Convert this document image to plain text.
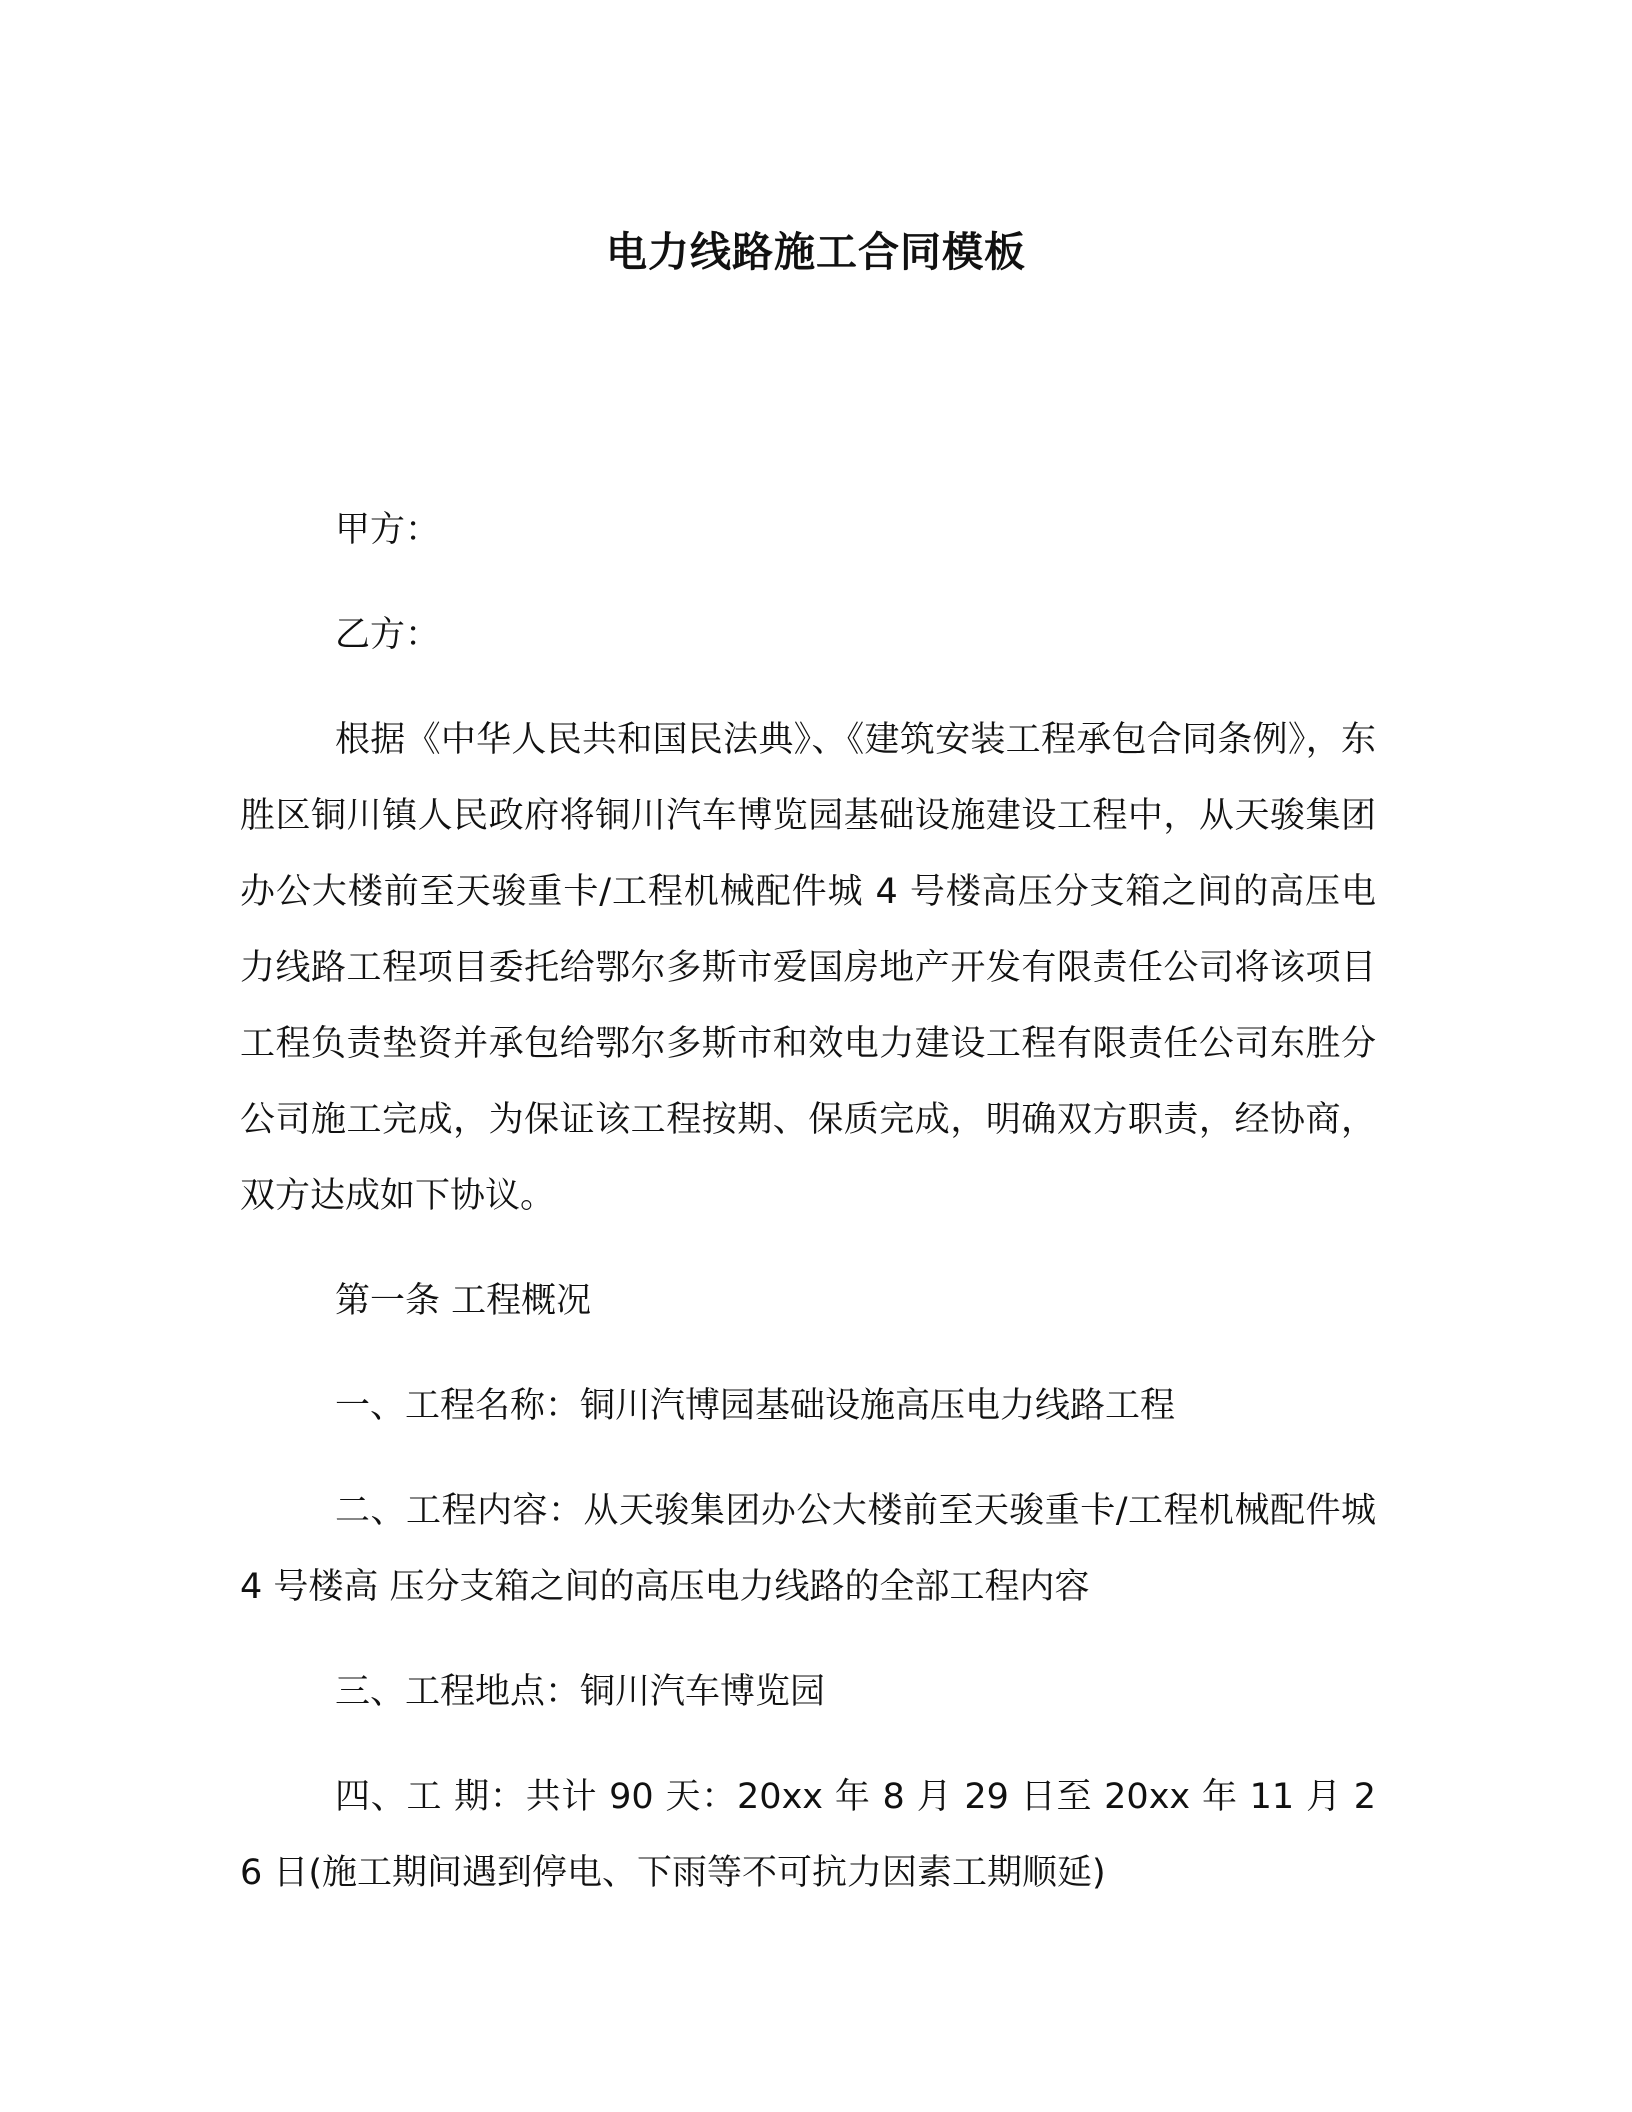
电力线路施工合同模板

甲方：

乙方：

根据《中华人民共和国民法典》、《建筑安装工程承包合同条例》，东胜区铜川镇人民政府将铜川汽车博览园基础设施建设工程中，从天骏集团办公大楼前至天骏重卡/工程机械配件城 4 号楼高压分支箱之间的高压电力线路工程项目委托给鄂尔多斯市爱国房地产开发有限责任公司将该项目工程负责垫资并承包给鄂尔多斯市和效电力建设工程有限责任公司东胜分公司施工完成，为保证该工程按期、保质完成，明确双方职责，经协商，双方达成如下协议。

第一条 工程概况

一、工程名称：铜川汽博园基础设施高压电力线路工程

二、工程内容：从天骏集团办公大楼前至天骏重卡/工程机械配件城 4 号楼高 压分支箱之间的高压电力线路的全部工程内容

三、工程地点：铜川汽车博览园

四、工 期：共计 90 天：20xx 年 8 月 29 日至 20xx 年 11 月 26 日(施工期间遇到停电、下雨等不可抗力因素工期顺延)
